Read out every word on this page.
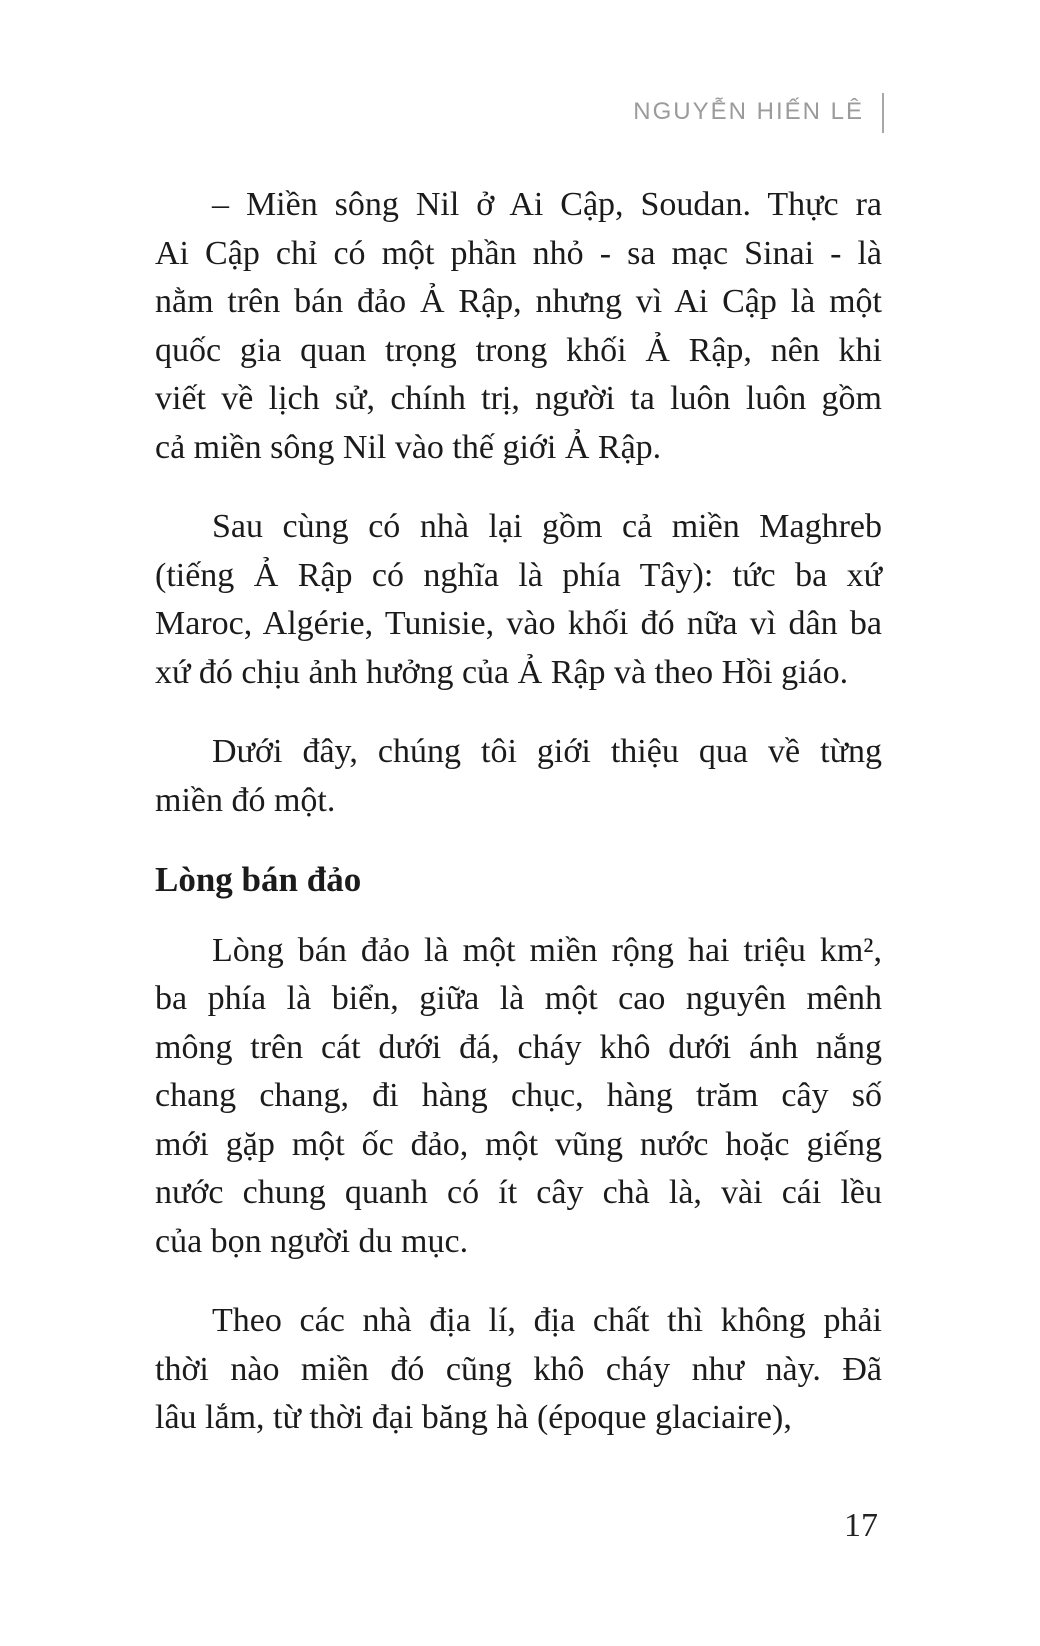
NGUYỄN HIẾN LÊ
– Miền sông Nil ở Ai Cập, Soudan. Thực ra
Ai Cập chỉ có một phần nhỏ - sa mạc Sinai - là
nằm trên bán đảo Ả Rập, nhưng vì Ai Cập là một
quốc gia quan trọng trong khối Ả Rập, nên khi
viết về lịch sử, chính trị, người ta luôn luôn gồm
cả miền sông Nil vào thế giới Ả Rập.
Sau cùng có nhà lại gồm cả miền Maghreb
(tiếng Ả Rập có nghĩa là phía Tây): tức ba xứ
Maroc, Algérie, Tunisie, vào khối đó nữa vì dân ba
xứ đó chịu ảnh hưởng của Ả Rập và theo Hồi giáo.
Dưới đây, chúng tôi giới thiệu qua về từng
miền đó một.
Lòng bán đảo
Lòng bán đảo là một miền rộng hai triệu km²,
ba phía là biển, giữa là một cao nguyên mênh
mông trên cát dưới đá, cháy khô dưới ánh nắng
chang chang, đi hàng chục, hàng trăm cây số
mới gặp một ốc đảo, một vũng nước hoặc giếng
nước chung quanh có ít cây chà là, vài cái lều
của bọn người du mục.
Theo các nhà địa lí, địa chất thì không phải
thời nào miền đó cũng khô cháy như này. Đã
lâu lắm, từ thời đại băng hà (époque glaciaire),
17
